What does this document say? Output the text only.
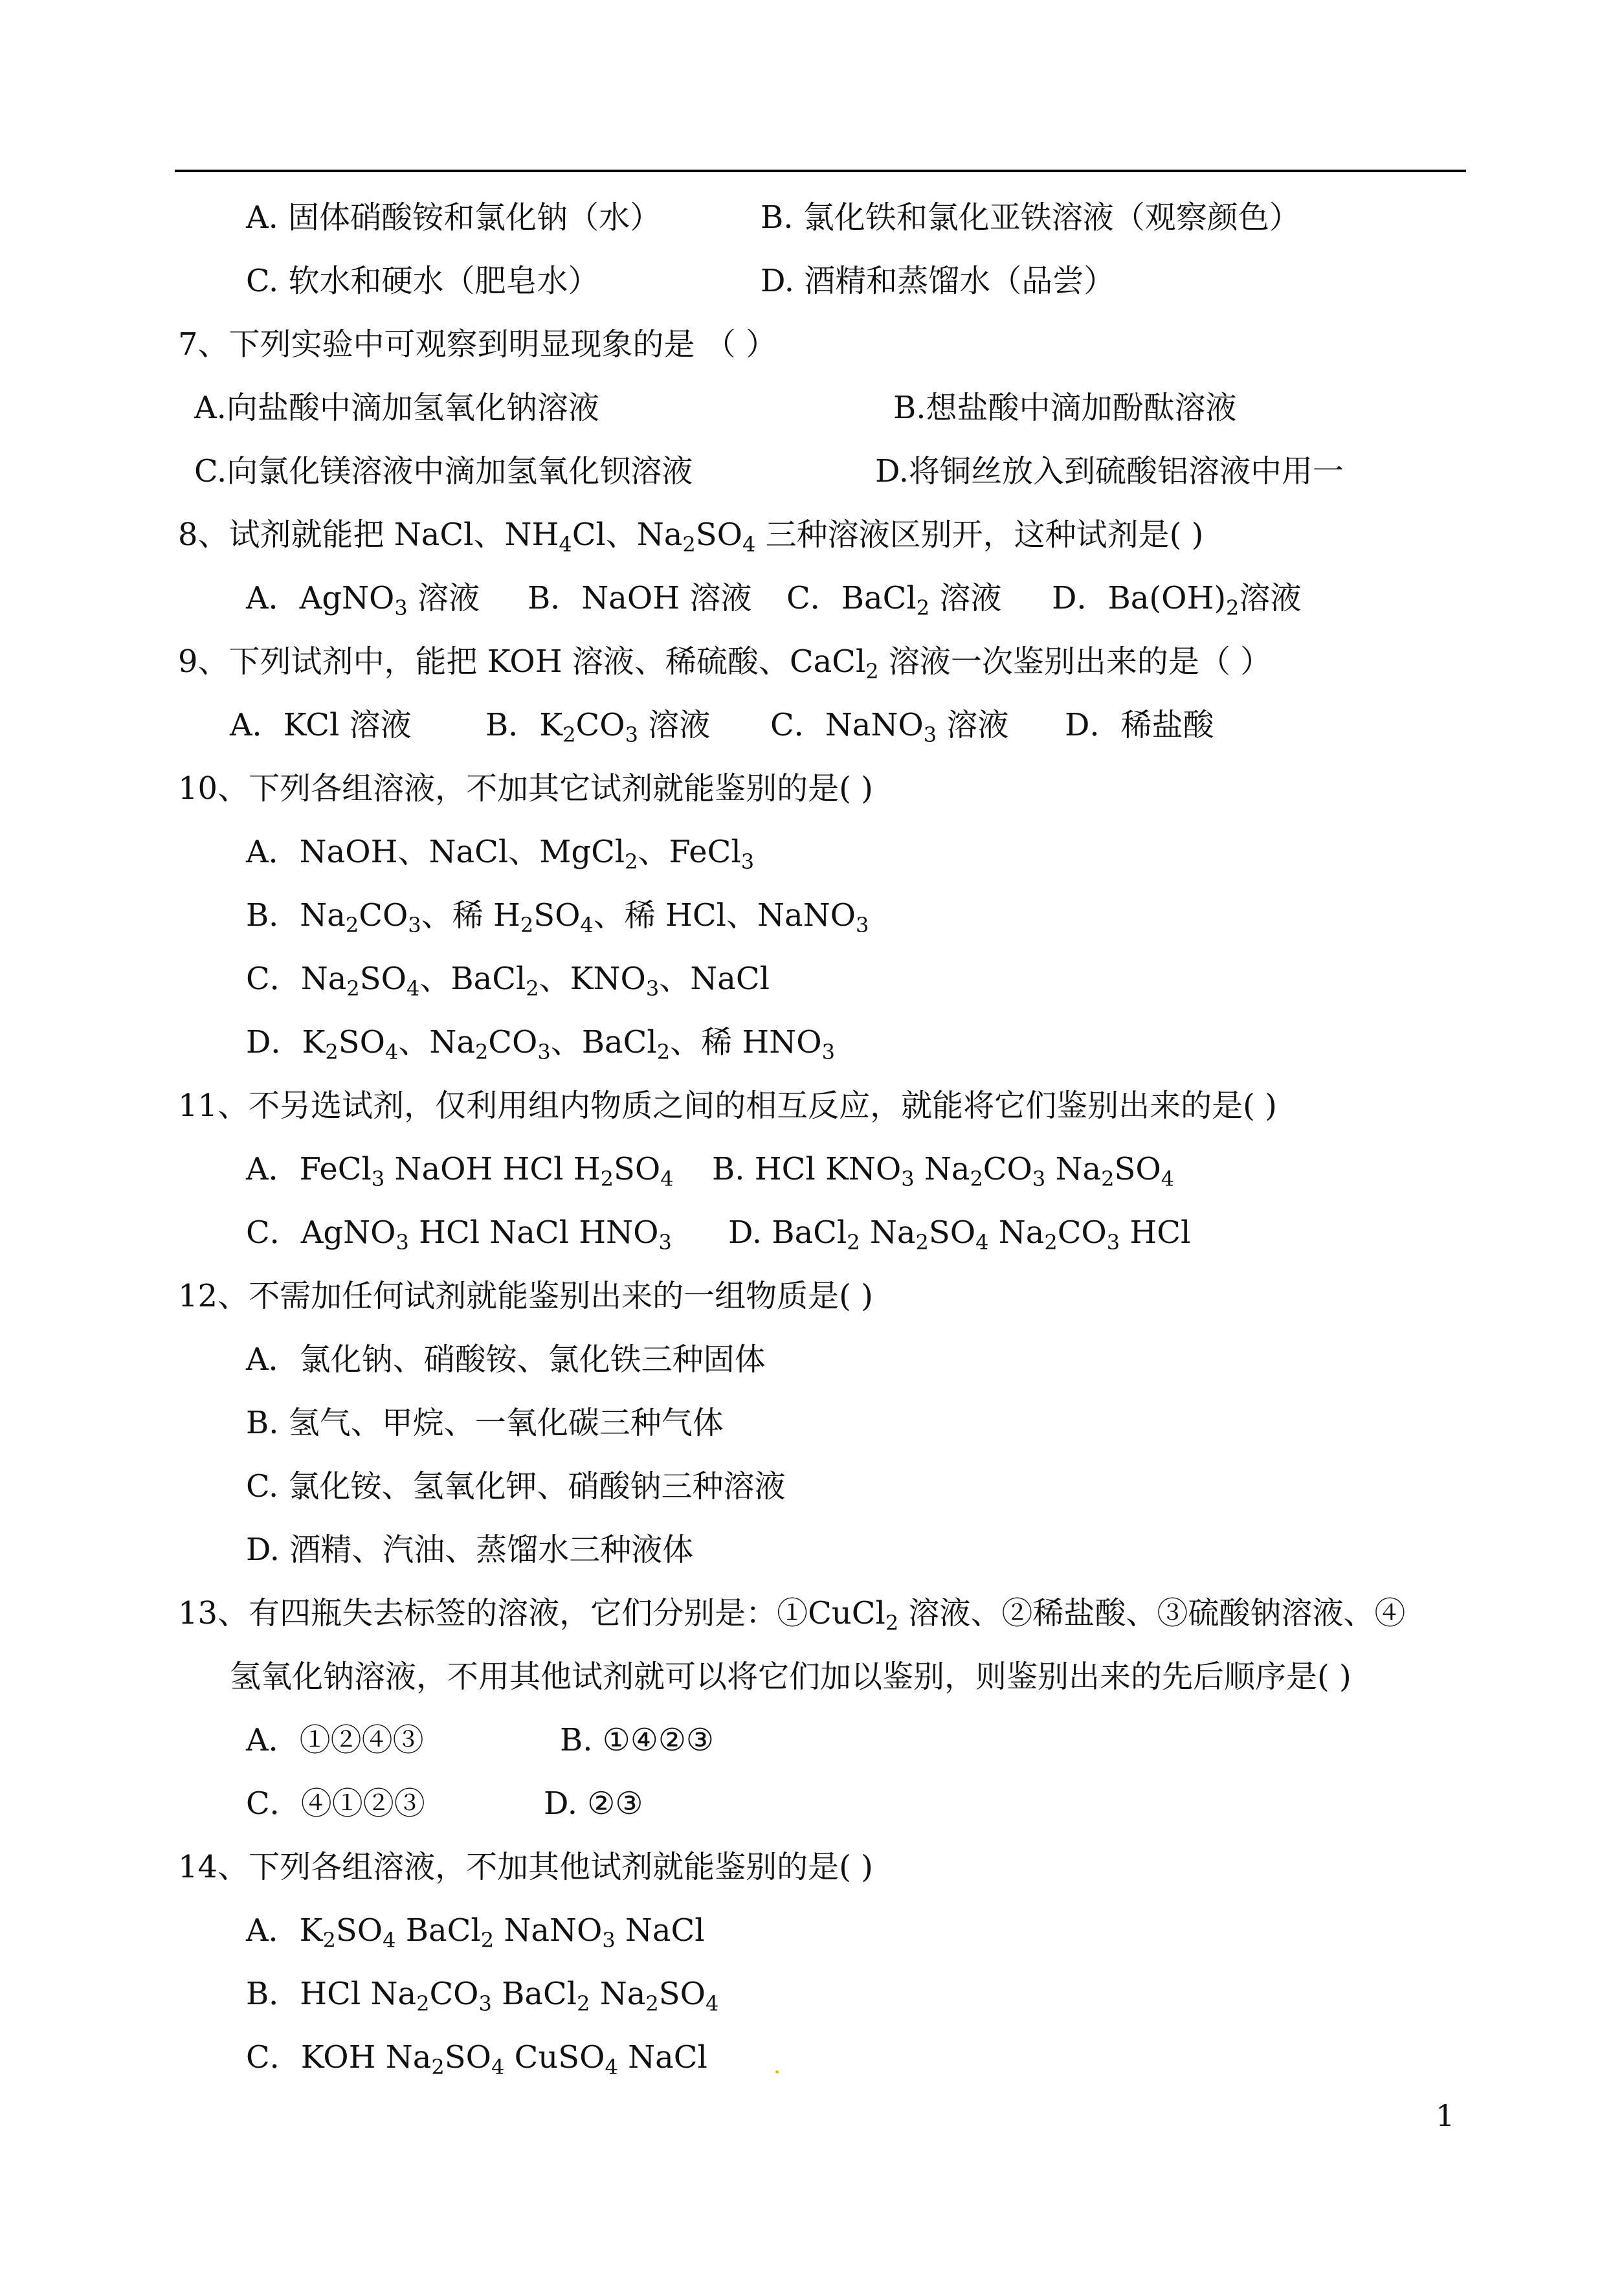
A. 固体硝酸铵和氯化钠（水）	B. 氯化铁和氯化亚铁溶液（观察颜色）
C. 软水和硬水（肥皂水）	D. 酒精和蒸馏水（品尝）
7、下列实验中可观察到明显现象的是 （ ）
A.向盐酸中滴加氢氧化钠溶液	B.想盐酸中滴加酚酞溶液
C.向氯化镁溶液中滴加氢氧化钡溶液	D.将铜丝放入到硫酸铝溶液中用一
8、试剂就能把 NaCl、$NH_4Cl$、$Na_2SO_4$ 三种溶液区别开，这种试剂是( )
A．AgNO$_3$ 溶液 B．NaOH 溶液 C．BaCl$_2$ 溶液 D．$Ba(OH)_2$溶液
9、下列试剂中，能把 KOH 溶液、稀硫酸、CaCl$_2$ 溶液一次鉴别出来的是（ ）
A．KCl 溶液 B．$K_2CO_3$ 溶液 C．NaNO$_3$ 溶液 D．稀盐酸
10、下列各组溶液，不加其它试剂就能鉴别的是( )
A．NaOH、NaCl、MgCl$_2$、FeCl$_3$
B．$Na_2CO_3$、稀 $H_2SO_4$、稀 HCl、NaNO$_3$
C．$Na_2SO_4$、BaCl$_2$、$KNO_3$、NaCl
D．$K_2SO_4$、$Na_2CO_3$、BaCl$_2$、稀 $HNO_3$
11、不另选试剂，仅利用组内物质之间的相互反应，就能将它们鉴别出来的是( )
A．FeCl$_3$ NaOH HCl $H_2SO_4$ B. HCl $KNO_3$ $Na_2CO_3$ $Na_2SO_4$
C．AgNO$_3$ HCl NaCl $HNO_3$ D. BaCl$_2$ $Na_2SO_4$ $Na_2CO_3$ HCl
12、不需加任何试剂就能鉴别出来的一组物质是( )
A．氯化钠、硝酸铵、氯化铁三种固体
B. 氢气、甲烷、一氧化碳三种气体
C. 氯化铵、氢氧化钾、硝酸钠三种溶液
D. 酒精、汽油、蒸馏水三种液体
13、有四瓶失去标签的溶液，它们分别是：①CuCl$_2$ 溶液、②稀盐酸、③硫酸钠溶液、④
氢氧化钠溶液，不用其他试剂就可以将它们加以鉴别，则鉴别出来的先后顺序是( )
A．①②④③	B. ①④②③
C．④①②③	D. ②③
14、下列各组溶液，不加其他试剂就能鉴别的是( )
A．$K_2SO_4$ BaCl$_2$ NaNO$_3$ NaCl
B．HCl $Na_2CO_3$ BaCl$_2$ $Na_2SO_4$
C．KOH $Na_2SO_4$ CuSO$_4$ NaCl
1
